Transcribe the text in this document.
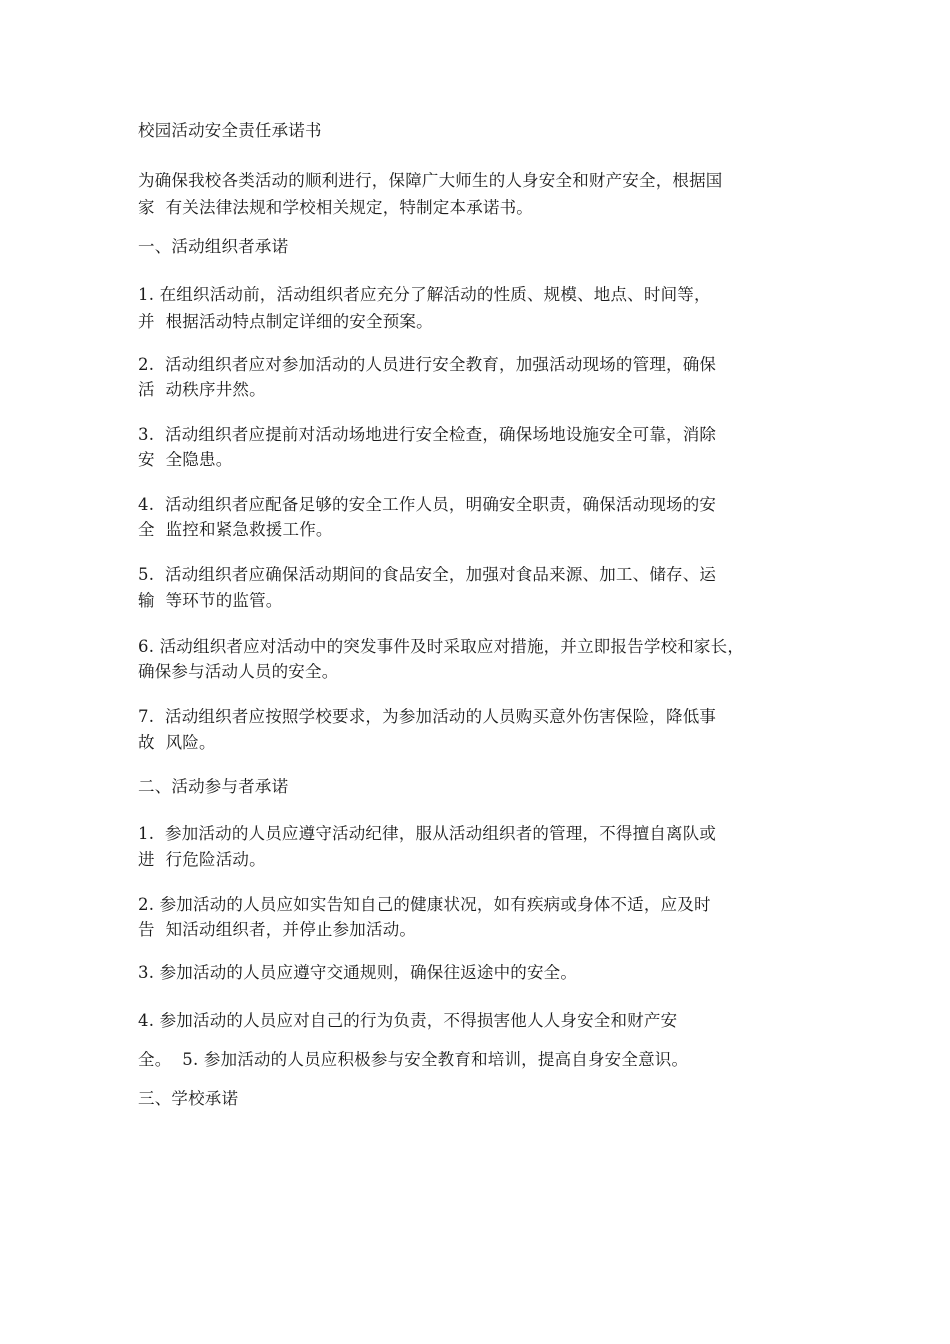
校园活动安全责任承诺书

为确保我校各类活动的顺利进行，保障广大师生的人身安全和财产安全，根据国

家  有关法律法规和学校相关规定，特制定本承诺书。

一、活动组织者承诺

1. 在组织活动前，活动组织者应充分了解活动的性质、规模、地点、时间等，

并  根据活动特点制定详细的安全预案。

2.  活动组织者应对参加活动的人员进行安全教育，加强活动现场的管理，确保

活  动秩序井然。

3.  活动组织者应提前对活动场地进行安全检查，确保场地设施安全可靠，消除

安  全隐患。

4.  活动组织者应配备足够的安全工作人员，明确安全职责，确保活动现场的安

全  监控和紧急救援工作。

5.  活动组织者应确保活动期间的食品安全，加强对食品来源、加工、储存、运

输  等环节的监管。

6. 活动组织者应对活动中的突发事件及时采取应对措施，并立即报告学校和家长，

确保参与活动人员的安全。

7.  活动组织者应按照学校要求，为参加活动的人员购买意外伤害保险，降低事

故  风险。

二、活动参与者承诺

1.  参加活动的人员应遵守活动纪律，服从活动组织者的管理，不得擅自离队或

进  行危险活动。

2. 参加活动的人员应如实告知自己的健康状况，如有疾病或身体不适，应及时

告  知活动组织者，并停止参加活动。

3. 参加活动的人员应遵守交通规则，确保往返途中的安全。

4. 参加活动的人员应对自己的行为负责，不得损害他人人身安全和财产安

全。  5. 参加活动的人员应积极参与安全教育和培训，提高自身安全意识。

三、学校承诺
